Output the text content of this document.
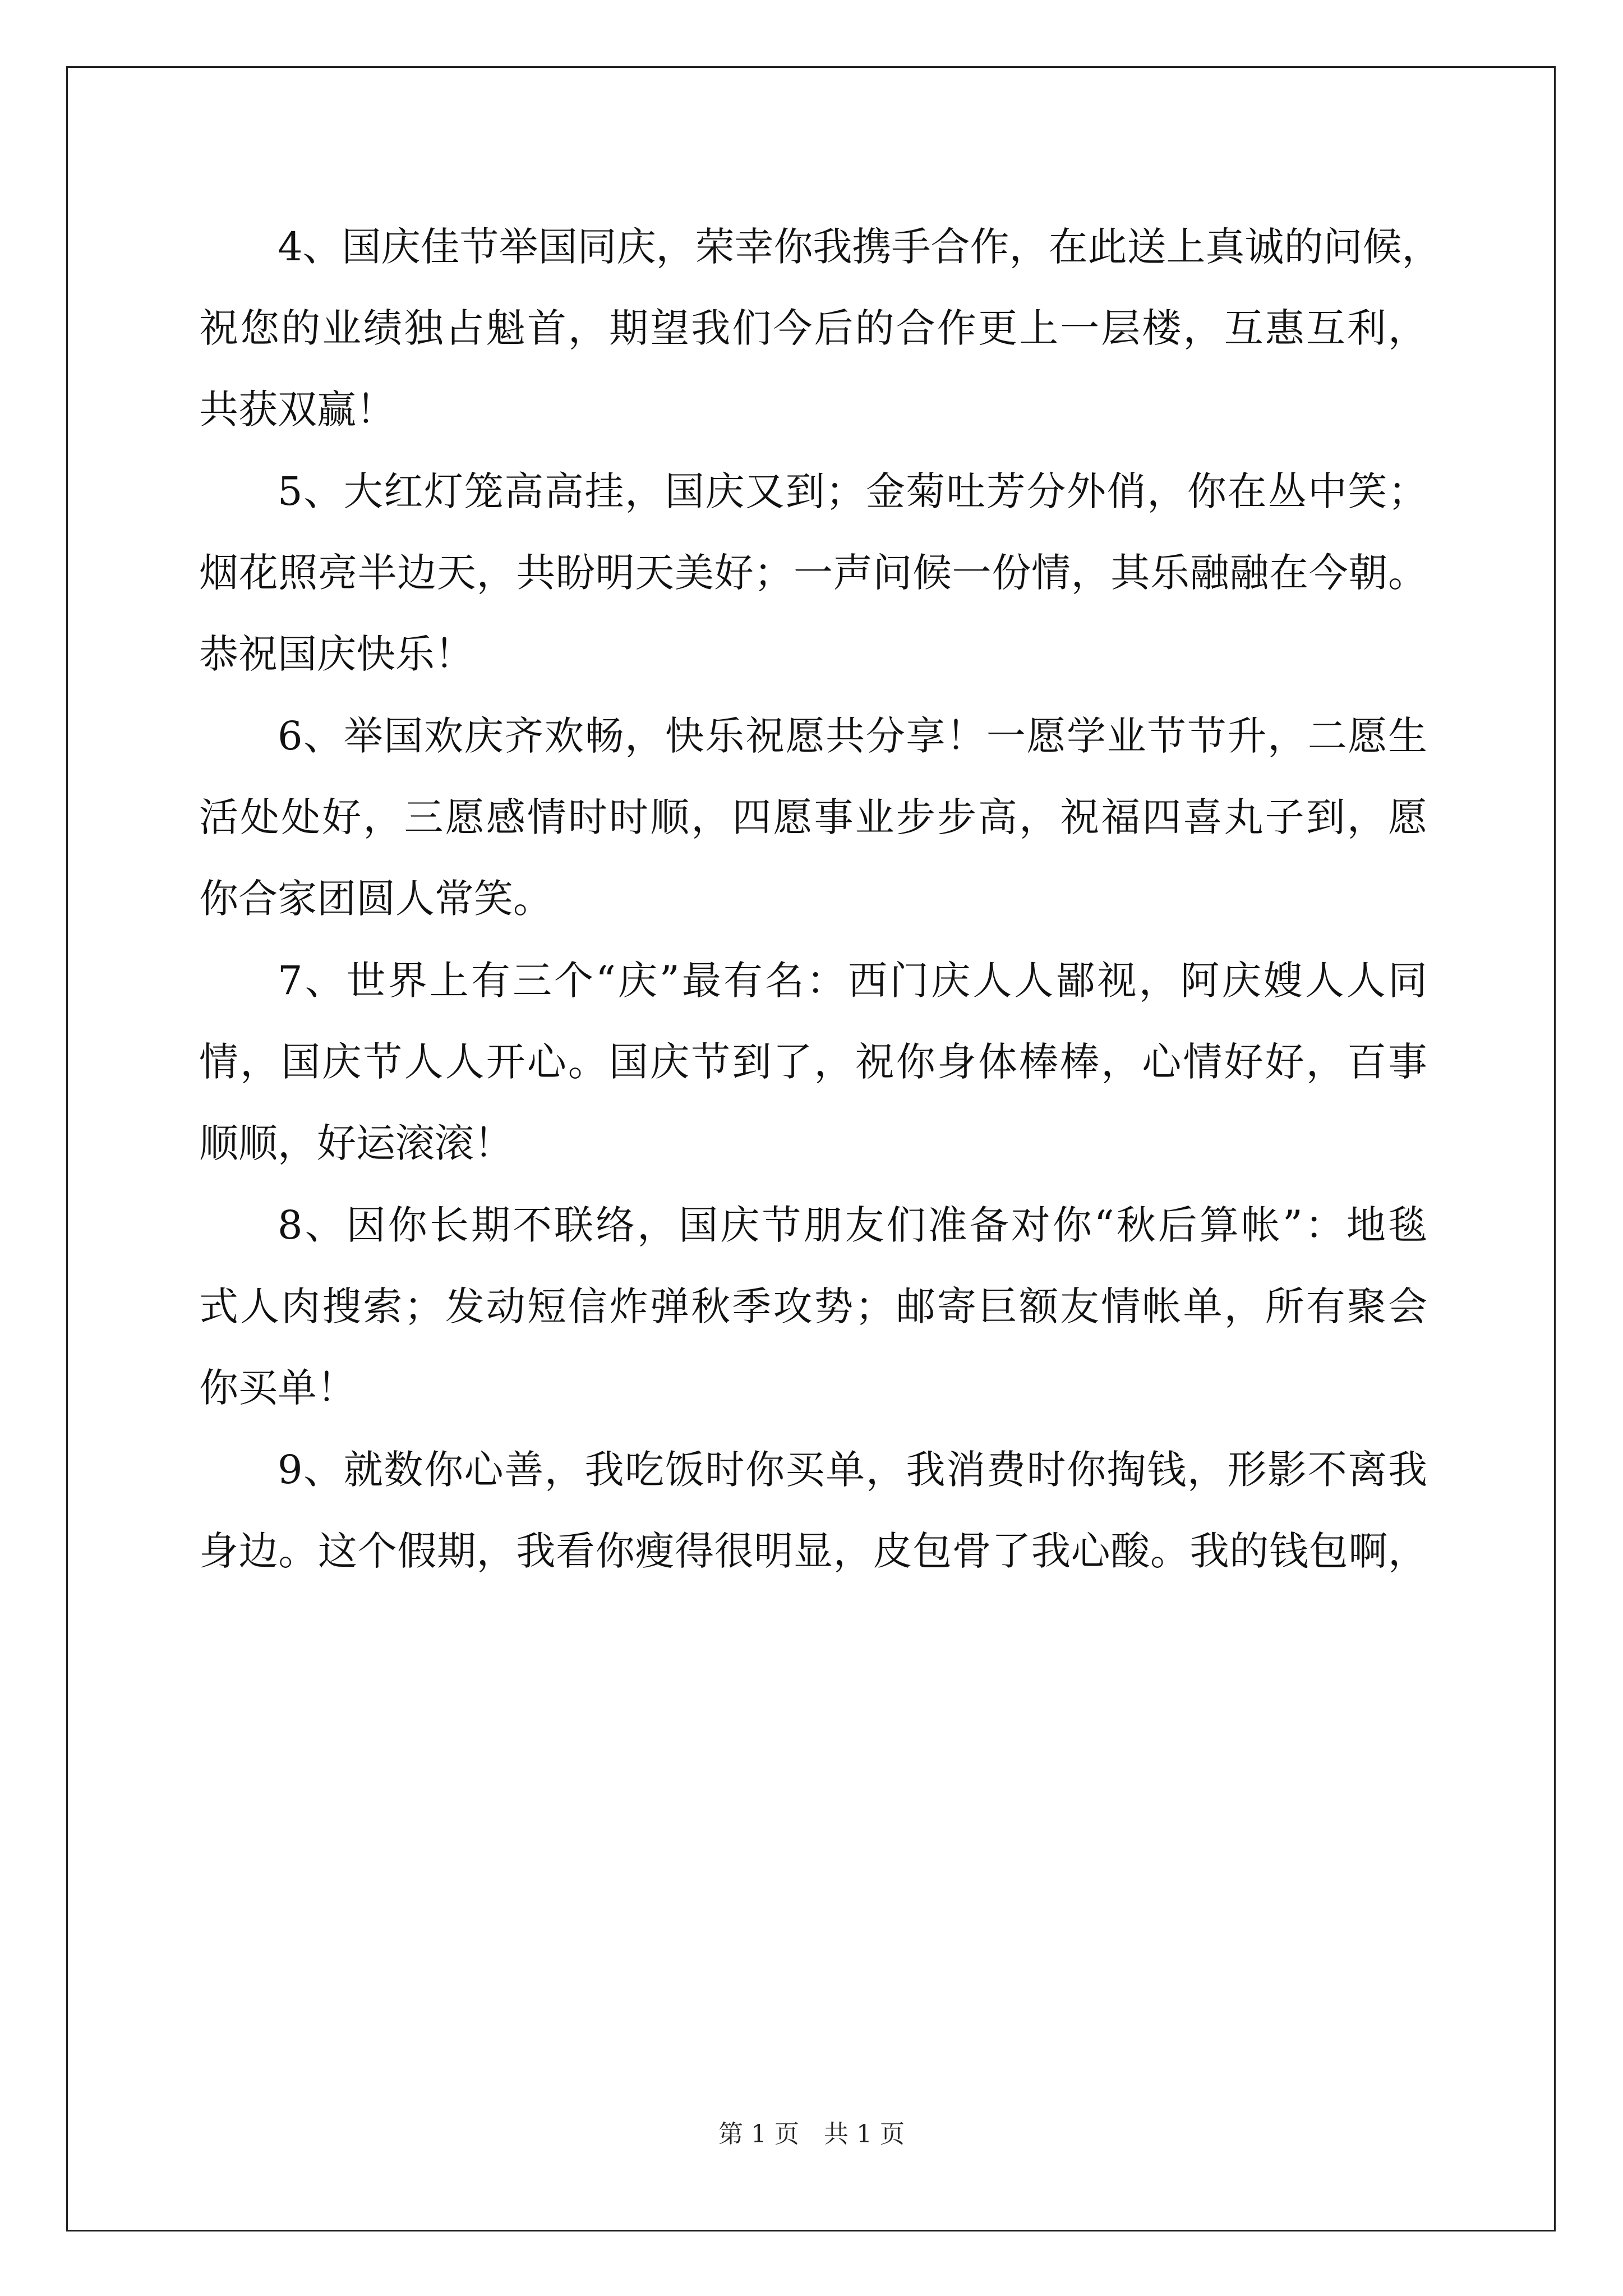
4、国庆佳节举国同庆，荣幸你我携手合作，在此送上真诚的问候，
祝您的业绩独占魁首，期望我们今后的合作更上一层楼，互惠互利，
共获双赢！
5、大红灯笼高高挂，国庆又到；金菊吐芳分外俏，你在丛中笑；
烟花照亮半边天，共盼明天美好；一声问候一份情，其乐融融在今朝。
恭祝国庆快乐！
6、举国欢庆齐欢畅，快乐祝愿共分享！一愿学业节节升，二愿生
活处处好，三愿感情时时顺，四愿事业步步高，祝福四喜丸子到，愿
你合家团圆人常笑。
7、世界上有三个“庆”最有名：西门庆人人鄙视，阿庆嫂人人同
情，国庆节人人开心。国庆节到了，祝你身体棒棒，心情好好，百事
顺顺，好运滚滚！
8、因你长期不联络，国庆节朋友们准备对你“秋后算帐”：地毯
式人肉搜索；发动短信炸弹秋季攻势；邮寄巨额友情帐单，所有聚会
你买单！
9、就数你心善，我吃饭时你买单，我消费时你掏钱，形影不离我
身边。这个假期，我看你瘦得很明显，皮包骨了我心酸。我的钱包啊，
第 1 页　共 1 页
